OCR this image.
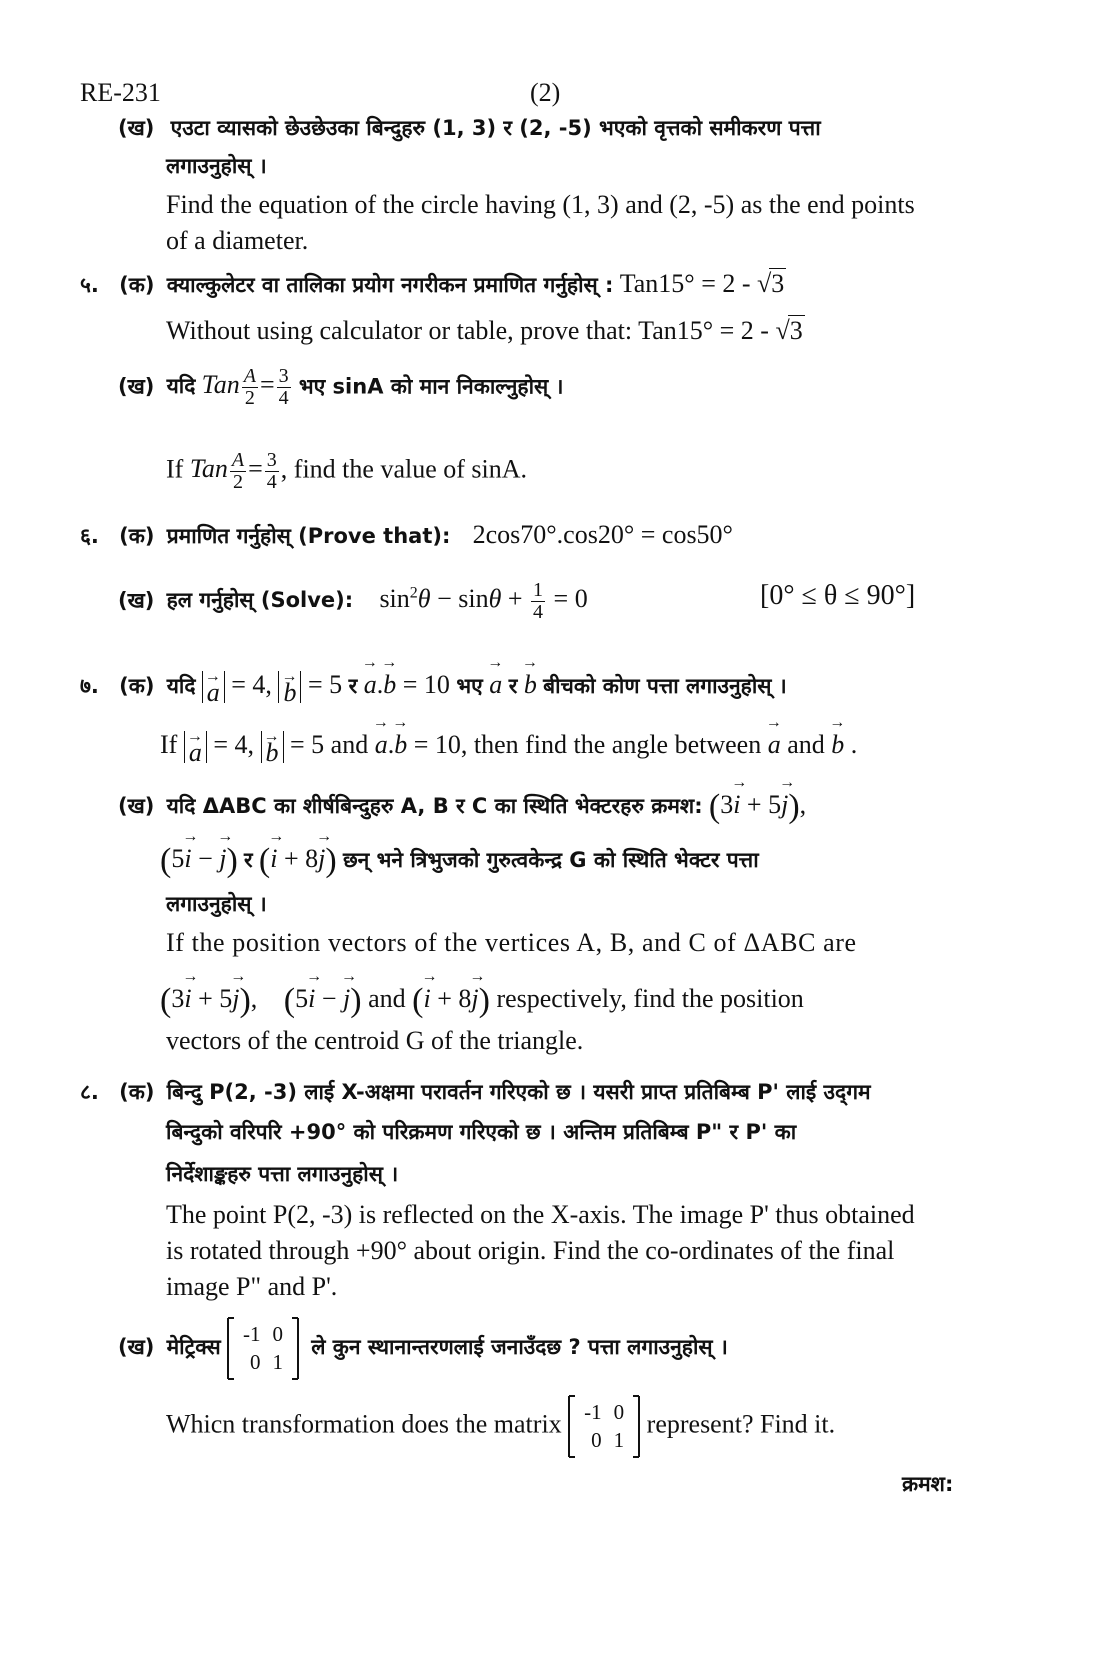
RE-231	(2)
(ख) एउटा व्यासको छेउछेउका बिन्दुहरु (1, 3) र (2, -5) भएको वृत्तको समीकरण पत्ता
लगाउनुहोस् ।
Find the equation of the circle having (1, 3) and (2, -5) as the end points
of a diameter.
५. (क) क्याल्कुलेटर वा तालिका प्रयोग नगरीकन प्रमाणित गर्नुहोस् : Tan15° = 2 - √3
Without using calculator or table, prove that: Tan15° = 2 - √3
(ख) यदि Tan $\frac{A}{2} = \frac{3}{4}$ भए sinA को मान निकाल्नुहोस् ।
If Tan $\frac{A}{2} = \frac{3}{4}$ , find the value of sinA.
६. (क) प्रमाणित गर्नुहोस् (Prove that): 2cos70°.cos20° = cos50°
(ख) हल गर्नुहोस् (Solve): $\sin^2\theta - \sin\theta + \frac{1}{4} = 0$	[0° ≤ θ ≤ 90°]
७. (क) यदि → a = 4, → b = 5 र → a.→ b = 10 भए → a र → b बीचको कोण पत्ता लगाउनुहोस् ।
If → a = 4, → b = 5 and → a.→ b = 10, then find the angle between → a and → b .
(ख) यदि ΔABC का शीर्षबिन्दुहरु A, B र C का स्थिति भेक्टरहरु क्रमश: (3→ i + 5→ j),
(5→ i − → j) र (→ i + 8→ j) छन् भने त्रिभुजको गुरुत्वकेन्द्र G को स्थिति भेक्टर पत्ता
लगाउनुहोस् ।
If the position vectors of the vertices A, B, and C of ΔABC are
(3→ i + 5→ j), (5→ i − → j) and (→ i + 8→ j) respectively, find the position
vectors of the centroid G of the triangle.
८. (क) बिन्दु P(2, -3) लाई X-अक्षमा परावर्तन गरिएको छ । यसरी प्राप्त प्रतिबिम्ब P' लाई उद्‌गम
बिन्दुको वरिपरि +90° को परिक्रमण गरिएको छ । अन्तिम प्रतिबिम्ब P" र P' का
निर्देशाङ्कहरु पत्ता लगाउनुहोस् ।
The point P(2, -3) is reflected on the X-axis. The image P' thus obtained
is rotated through +90° about origin. Find the co-ordinates of the final
image P" and P'.
(ख) मेट्रिक्स
-1	0
0	1
ले कुन स्थानान्तरणलाई जनाउँदछ ? पत्ता लगाउनुहोस् ।
Whicn transformation does the matrix -1	0
0	1
represent? Find it.
क्रमश:
